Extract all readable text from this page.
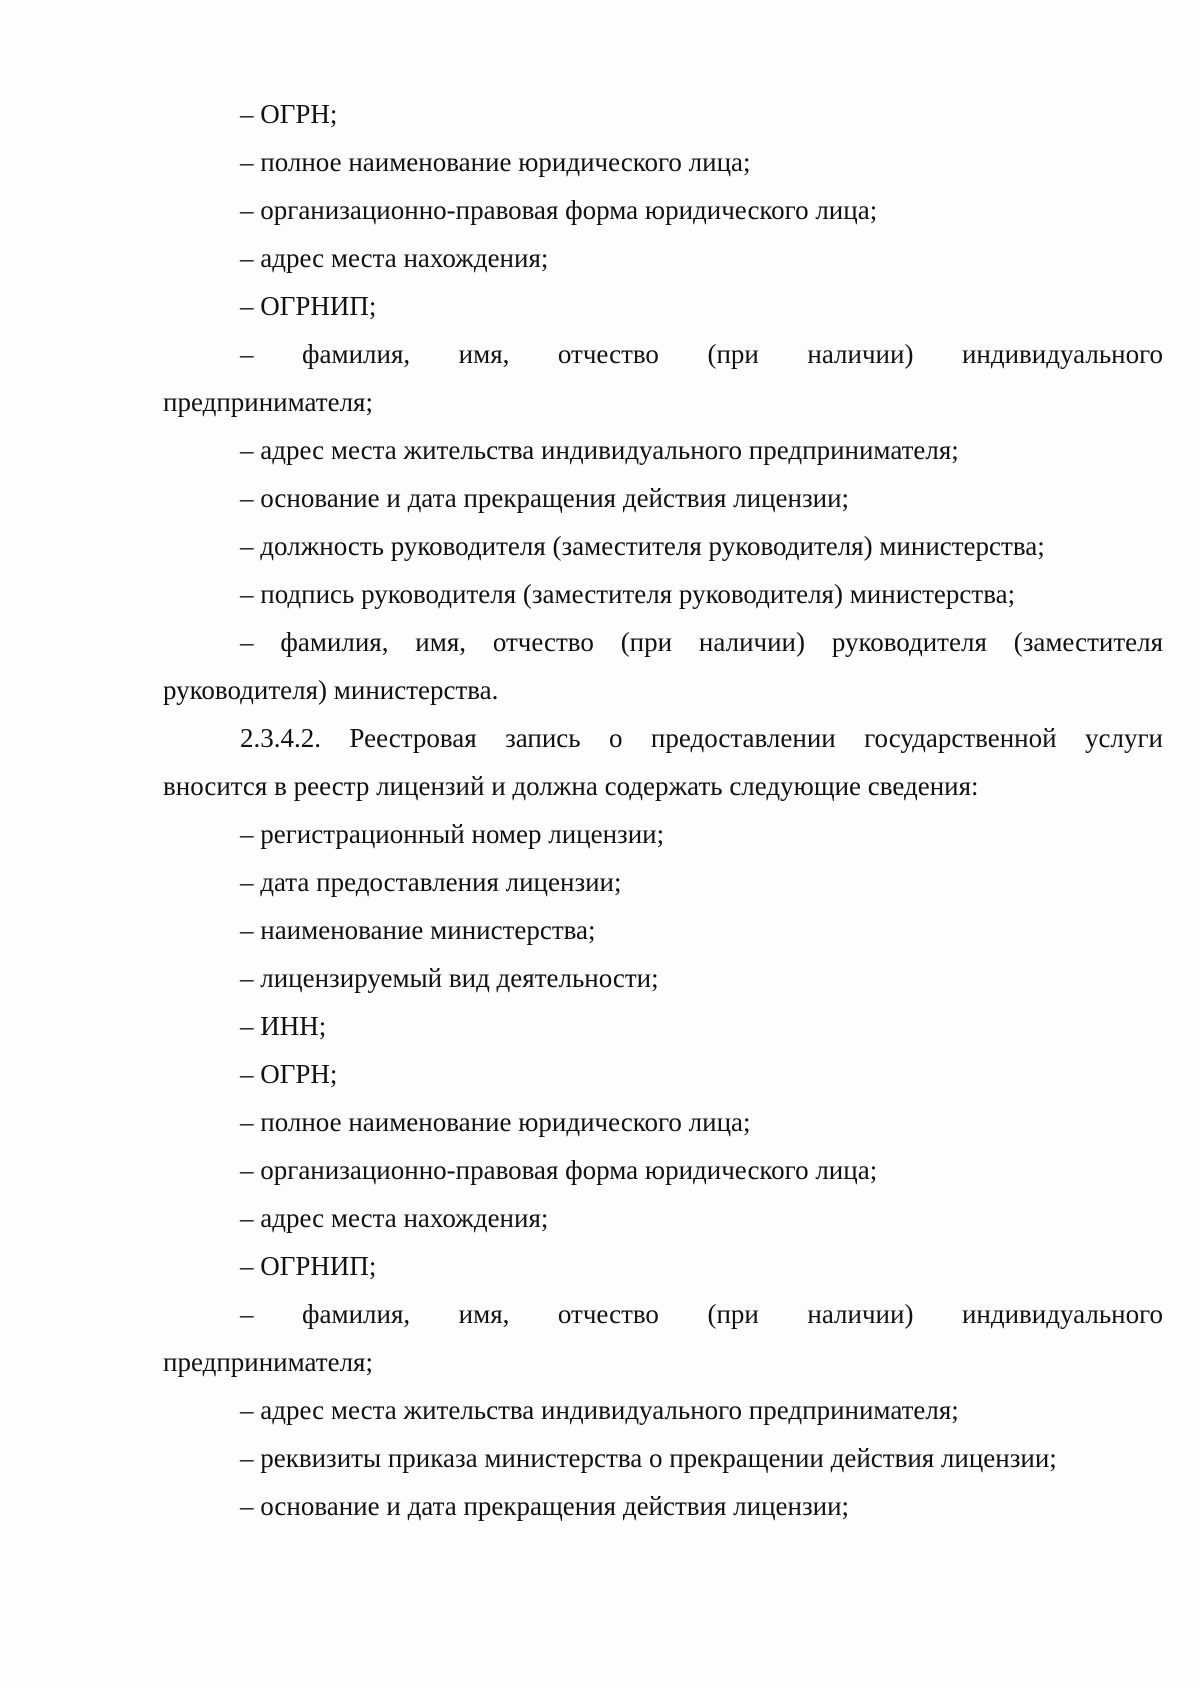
– ОГРН;
– полное наименование юридического лица;
– организационно-правовая форма юридического лица;
– адрес места нахождения;
– ОГРНИП;
– фамилия, имя, отчество (при наличии) индивидуального
предпринимателя;
– адрес места жительства индивидуального предпринимателя;
– основание и дата прекращения действия лицензии;
– должность руководителя (заместителя руководителя) министерства;
– подпись руководителя (заместителя руководителя) министерства;
– фамилия, имя, отчество (при наличии) руководителя (заместителя
руководителя) министерства.
2.3.4.2. Реестровая запись о предоставлении государственной услуги
вносится в реестр лицензий и должна содержать следующие сведения:
– регистрационный номер лицензии;
– дата предоставления лицензии;
– наименование министерства;
– лицензируемый вид деятельности;
– ИНН;
– ОГРН;
– полное наименование юридического лица;
– организационно-правовая форма юридического лица;
– адрес места нахождения;
– ОГРНИП;
– фамилия, имя, отчество (при наличии) индивидуального
предпринимателя;
– адрес места жительства индивидуального предпринимателя;
– реквизиты приказа министерства о прекращении действия лицензии;
– основание и дата прекращения действия лицензии;
